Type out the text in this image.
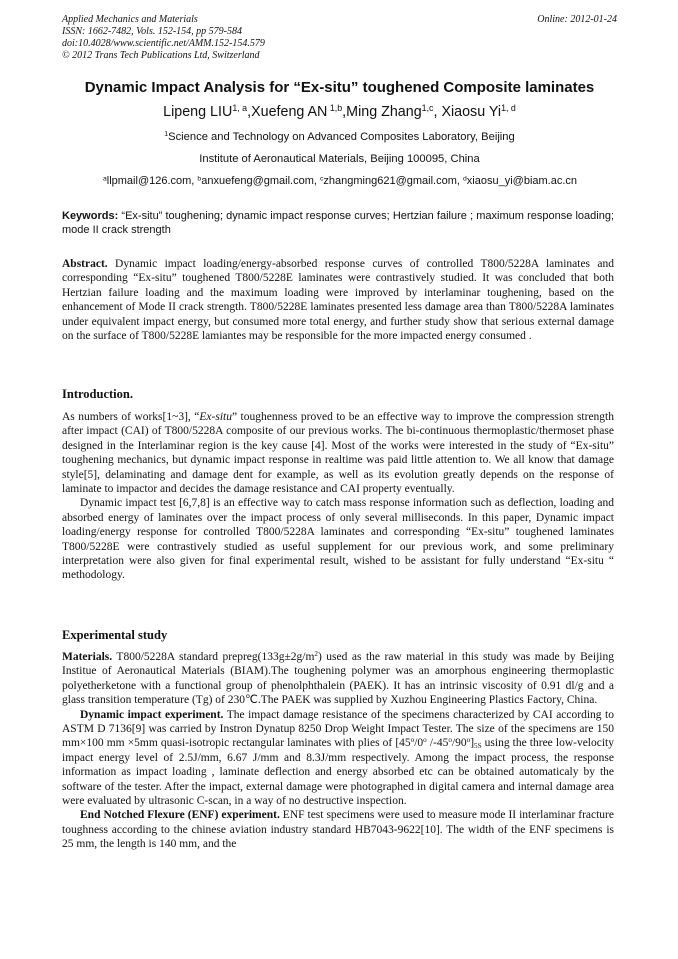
Applied Mechanics and Materials
ISSN: 1662-7482, Vols. 152-154, pp 579-584
doi:10.4028/www.scientific.net/AMM.152-154.579
© 2012 Trans Tech Publications Ltd, Switzerland
Online: 2012-01-24
Dynamic Impact Analysis for “Ex-situ” toughened Composite laminates
Lipeng LIU$^{1, a}$,Xuefeng AN $^{1,b}$,Ming Zhang$^{1,c}$, Xiaosu Yi$^{1, d}$
$^1$Science and Technology on Advanced Composites Laboratory, Beijing
Institute of Aeronautical Materials, Beijing 100095, China
$^a$llpmail@126.com, $^b$anxuefeng@gmail.com, $^c$zhangming621@gmail.com, $^d$xiaosu_yi@biam.ac.cn
Keywords: “Ex-situ” toughening; dynamic impact response curves; Hertzian failure ; maximum response loading; mode II crack strength

Abstract. Dynamic impact loading/energy-absorbed response curves of controlled T800/5228A laminates and corresponding “Ex-situ” toughened T800/5228E laminates were contrastively studied. It was concluded that both Hertzian failure loading and the maximum loading were improved by interlaminar toughening, based on the enhancement of Mode II crack strength. T800/5228E laminates presented less damage area than T800/5228A laminates under equivalent impact energy, but consumed more total energy, and further study show that serious external damage on the surface of T800/5228E lamiantes may be responsible for the more impacted energy consumed .

Introduction.

As numbers of works[1~3], “Ex-situ” toughenness proved to be an effective way to improve the compression strength after impact (CAI) of T800/5228A composite of our previous works. The bi-continuous thermoplastic/thermoset phase designed in the Interlaminar region is the key cause [4]. Most of the works were interested in the study of “Ex-situ” toughening mechanics, but dynamic impact response in realtime was paid little attention to. We all know that damage style[5], delaminating and damage dent for example, as well as its evolution greatly depends on the response of laminate to impactor and decides the damage resistance and CAI property eventually.

Dynamic impact test [6,7,8] is an effective way to catch mass response information such as deflection, loading and absorbed energy of laminates over the impact process of only several milliseconds. In this paper, Dynamic impact loading/energy response for controlled T800/5228A laminates and corresponding “Ex-situ” toughened laminates T800/5228E were contrastively studied as useful supplement for our previous work, and some preliminary interpretation were also given for final experimental result, wished to be assistant for fully understand “Ex-situ “ methodology.

Experimental study

Materials. T800/5228A standard $prepreg(133g\pm 2g/m^2)$ used as the raw material in this study was made by Beijing Institue of Aeronautical Materials (BIAM).The toughening polymer was an amorphous engineering thermoplastic polyetherketone with a functional group of phenolphthalein (PAEK). It has an intrinsic viscosity of 0.91 dl/g and a glass transition temperature (Tg) of 230℃.The PAEK was supplied by Xuzhou Engineering Plastics Factory, China.

Dynamic impact experiment. The impact damage resistance of the specimens characterized by CAI according to ASTM D 7136[9] was carried by Instron Dynatup 8250 Drop Weight Impact Tester. The size of the specimens are 150 mm×100 mm ×5mm quasi-isotropic rectangular laminates with plies of [45$^o$/0$^o$ $/-45^o/90^o]_{5S}$ using the three low-velocity impact energy level of 2.5J/mm, 6.67 J/mm and 8.3J/mm respectively. Among the impact process, the response information as impact loading , laminate deflection and energy absorbed etc can be obtained automaticaly by the software of the tester. After the impact, external damage were photographed in digital camera and internal damage area were evaluated by ultrasonic C-scan, in a way of no destructive inspection.

End Notched Flexure (ENF) experiment. ENF test specimens were used to measure mode II interlaminar fracture toughness according to the chinese aviation industry standard HB7043-9622[10]. The width of the ENF specimens is 25 mm, the length is 140 mm, and the
